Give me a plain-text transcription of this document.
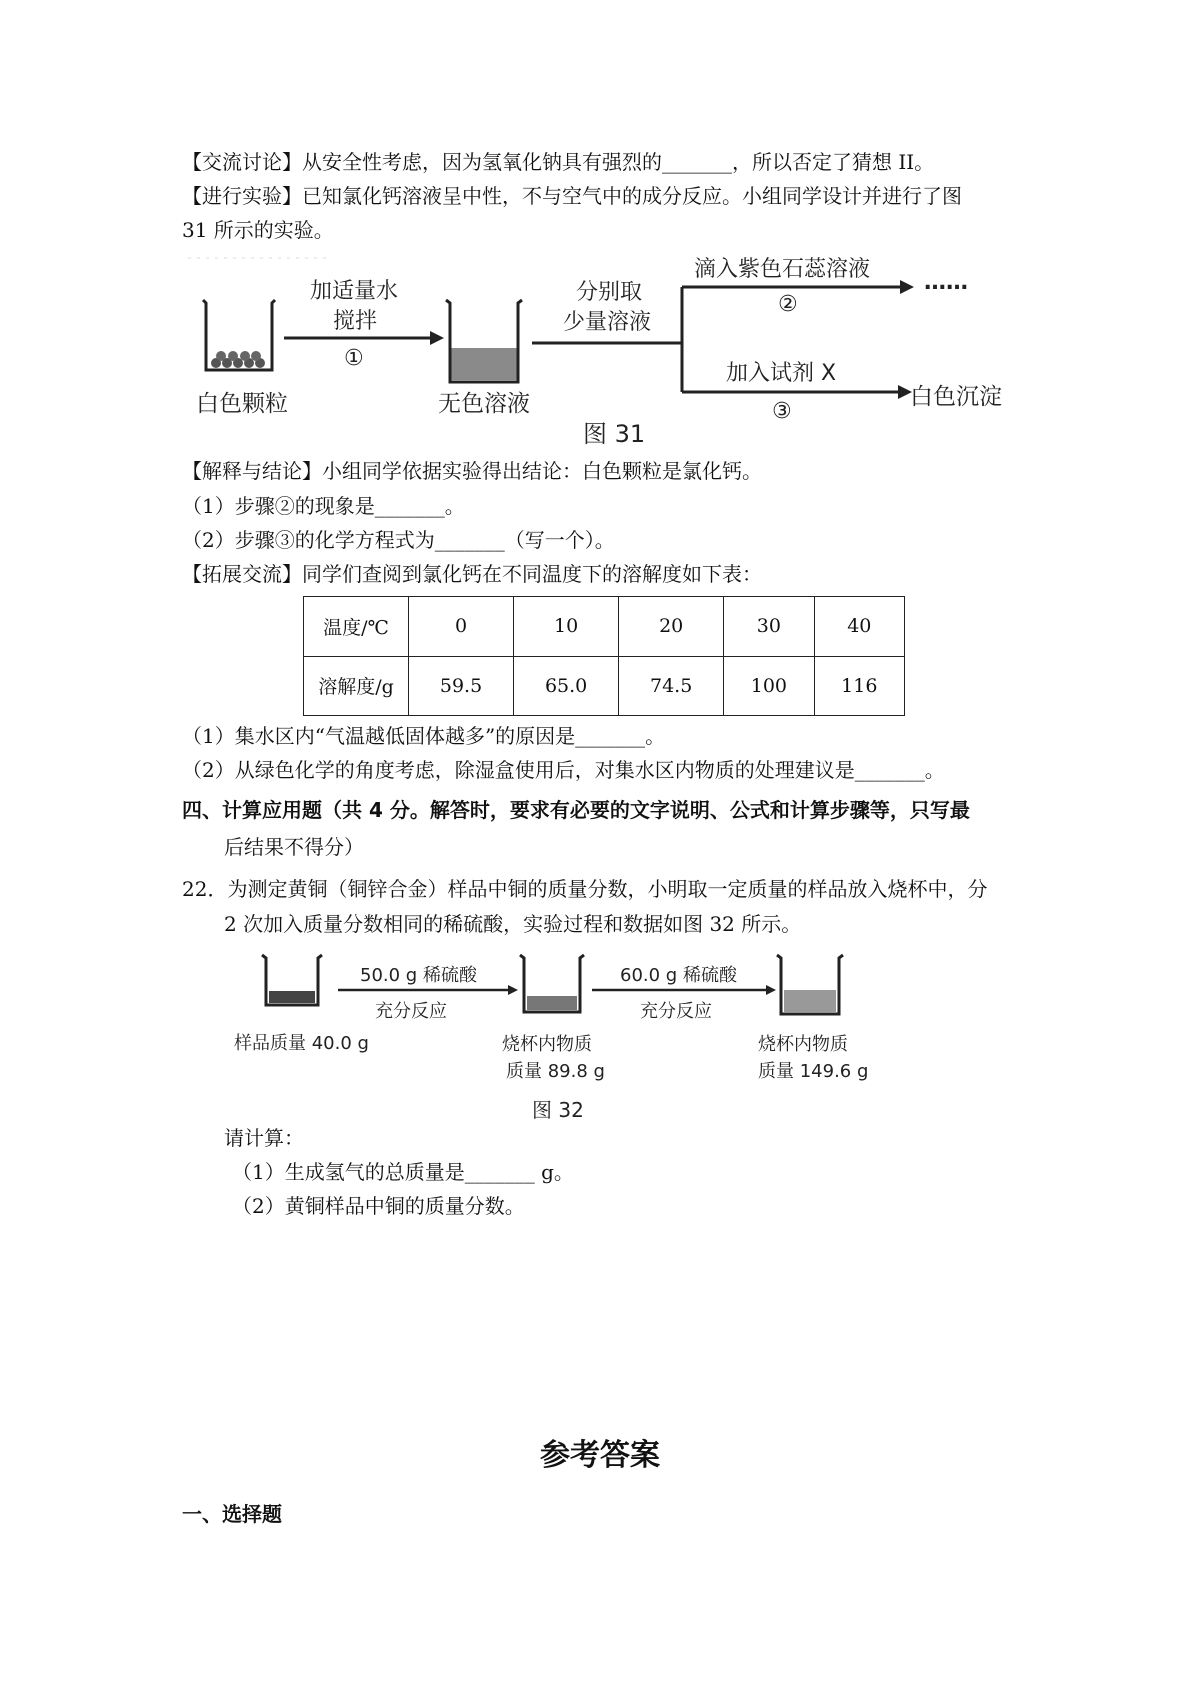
【交流讨论】从安全性考虑，因为氢氧化钠具有强烈的_______，所以否定了猜想 II。
【进行实验】已知氯化钙溶液呈中性，不与空气中的成分反应。小组同学设计并进行了图
31 所示的实验。
加适量水
搅拌
①
白色颗粒	无色溶液
分别取
少量溶液
滴入紫色石蕊溶液
②
……
加入试剂 X
③
白色沉淀
图 31
【解释与结论】小组同学依据实验得出结论：白色颗粒是氯化钙。
（1）步骤②的现象是_______。
（2）步骤③的化学方程式为_______（写一个）。
【拓展交流】同学们查阅到氯化钙在不同温度下的溶解度如下表：
温度/℃	0	10	20	30	40
溶解度/g	59.5	65.0	74.5	100	116
（1）集水区内“气温越低固体越多”的原因是_______。
（2）从绿色化学的角度考虑，除湿盒使用后，对集水区内物质的处理建议是_______。
四、计算应用题（共 4 分。解答时，要求有必要的文字说明、公式和计算步骤等，只写最
后结果不得分）
22．为测定黄铜（铜锌合金）样品中铜的质量分数，小明取一定质量的样品放入烧杯中，分
2 次加入质量分数相同的稀硫酸，实验过程和数据如图 32 所示。
50.0 g 稀硫酸
充分反应
60.0 g 稀硫酸
充分反应
样品质量 40.0 g	烧杯内物质
质量 89.8 g
烧杯内物质
质量 149.6 g
图 32
请计算：
（1）生成氢气的总质量是_______ g。
（2）黄铜样品中铜的质量分数。
参考答案
一、选择题
